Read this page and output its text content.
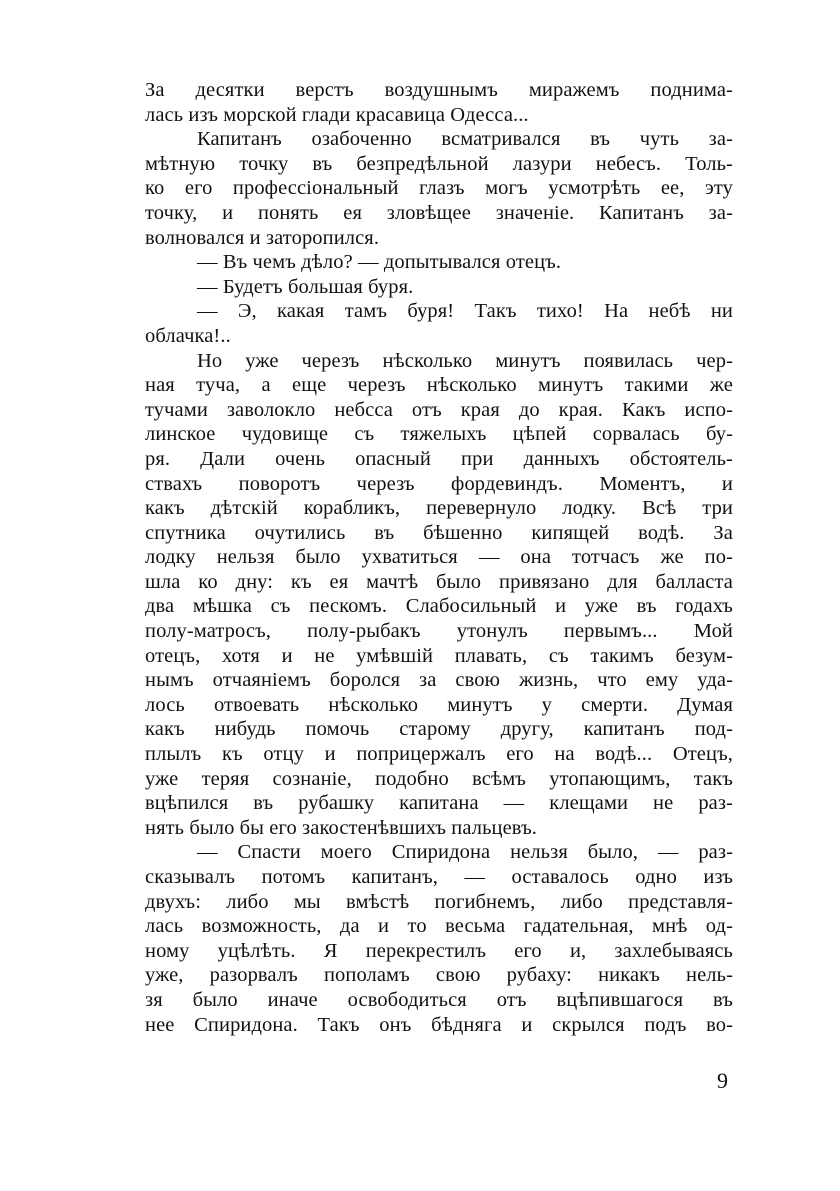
За десятки верстъ воздушнымъ миражемъ поднима-
лась изъ морской глади красавица Одесса...
Капитанъ озабоченно всматривался въ чуть за-
мѣтную точку въ безпредѣльной лазури небесъ. Толь-
ко его профессiональный глазъ могъ усмотрѣть ее, эту
точку, и понять ея зловѣщее значенiе. Капитанъ за-
волновался и заторопился.
— Въ чемъ дѣло? — допытывался отецъ.
— Будетъ большая буря.
— Э, какая тамъ буря! Такъ тихо! На небѣ ни
облачка!..
Но уже черезъ нѣсколько минутъ появилась чер-
ная туча, а еще черезъ нѣсколько минутъ такими же
тучами заволокло небсса отъ края до края. Какъ испо-
линское чудовище съ тяжелыхъ цѣпей сорвалась бу-
ря. Дали очень опасный при данныхъ обстоятель-
ствахъ поворотъ черезъ фордевиндъ. Моментъ, и
какъ дѣтскiй корабликъ, перевернуло лодку. Всѣ три
спутника очутились въ бѣшенно кипящей водѣ. За
лодку нельзя было ухватиться — она тотчасъ же по-
шла ко дну: къ ея мачтѣ было привязано для балласта
два мѣшка съ пескомъ. Слабосильный и уже въ годахъ
полу-матросъ, полу-рыбакъ утонулъ первымъ... Мой
отецъ, хотя и не умѣвшiй плавать, съ такимъ безум-
нымъ отчаянiемъ боролся за свою жизнь, что ему уда-
лось отвоевать нѣсколько минутъ у смерти. Думая
какъ нибудь помочь старому другу, капитанъ под-
плылъ къ отцу и поприцержалъ его на водѣ... Отецъ,
уже теряя сознанiе, подобно всѣмъ утопающимъ, такъ
вцѣпился въ рубашку капитана — клещами не раз-
нять было бы его закостенѣвшихъ пальцевъ.
— Спасти моего Спиридона нельзя было, — раз-
сказывалъ потомъ капитанъ, — оставалось одно изъ
двухъ: либо мы вмѣстѣ погибнемъ, либо представля-
лась возможность, да и то весьма гадательная, мнѣ од-
ному уцѣлѣть. Я перекрестилъ его и, захлебываясь
уже, разорвалъ пополамъ свою рубаху: никакъ нель-
зя было иначе освободиться отъ вцѣпившагося въ
нее Спиридона. Такъ онъ бѣдняга и скрылся подъ во-
9
